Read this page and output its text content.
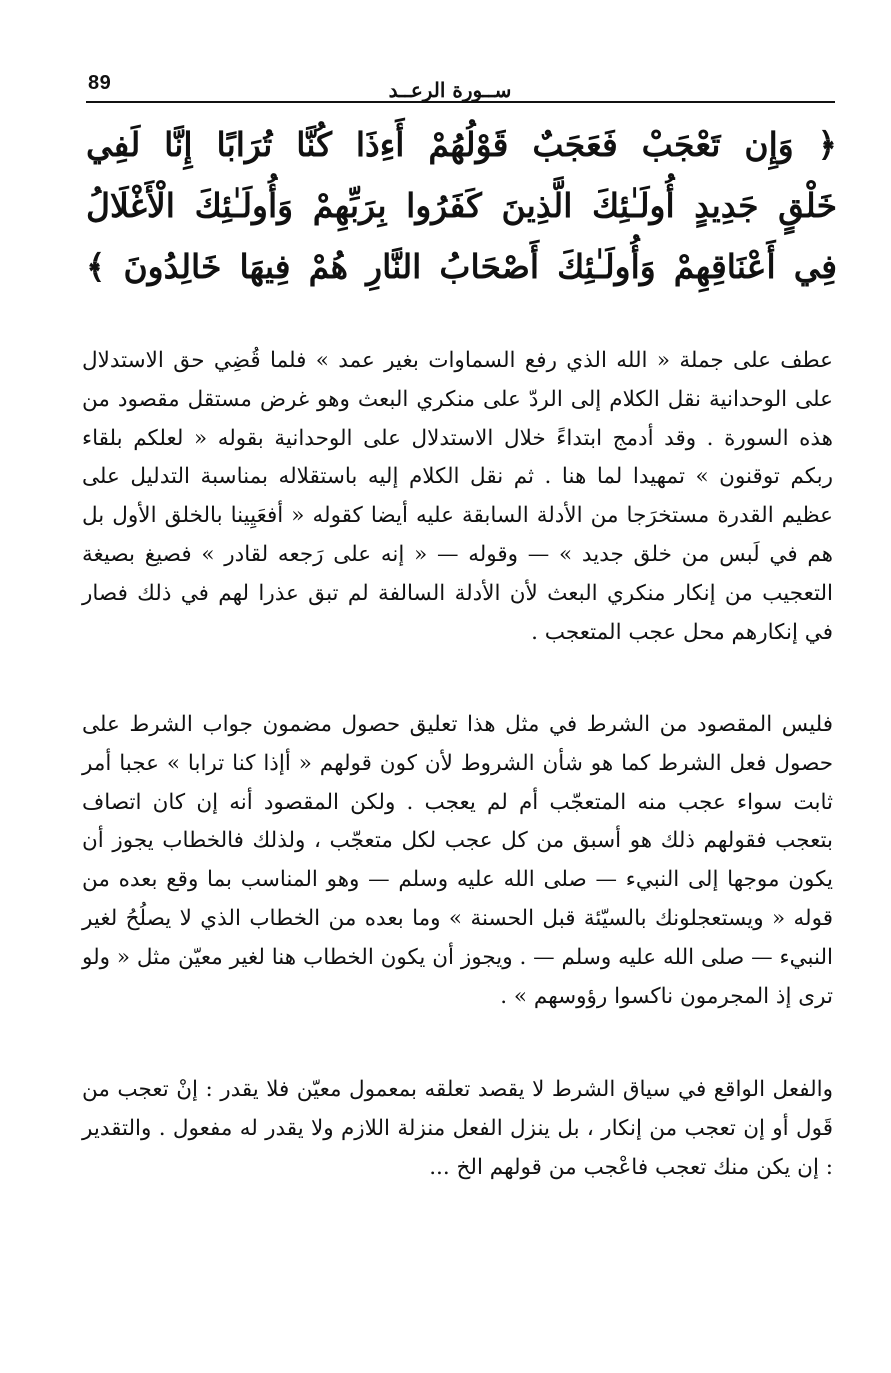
89	ســورة الرعــد
﴿ وَإِن تَعْجَبْ فَعَجَبٌ قَوْلُهُمْ أَءِذَا كُنَّا تُرَابًا إِنَّا لَفِي
خَلْقٍ جَدِيدٍ أُولَـٰئِكَ الَّذِينَ كَفَرُوا بِرَبِّهِمْ وَأُولَـٰئِكَ الْأَغْلَالُ
فِي أَعْنَاقِهِمْ وَأُولَـٰئِكَ أَصْحَابُ النَّارِ هُمْ فِيهَا خَالِدُونَ ﴾

عطف على جملة « الله الذي رفع السماوات بغير عمد » فلما قُضِي حق الاستدلال على الوحدانية نقل الكلام إلى الردّ على منكري البعث وهو غرض مستقل مقصود من هذه السورة . وقد أدمج ابتداءً خلال الاستدلال على الوحدانية بقوله « لعلكم بلقاء ربكم توقنون » تمهيدا لما هنا . ثم نقل الكلام إليه باستقلاله بمناسبة التدليل على عظيم القدرة مستخرَجا من الأدلة السابقة عليه أيضا كقوله « أفعَيِينا بالخلق الأول بل هم في لَبس من خلق جديد » — وقوله — « إنه على رَجعه لقادر » فصيغ بصيغة التعجيب من إنكار منكري البعث لأن الأدلة السالفة لم تبق عذرا لهم في ذلك فصار في إنكارهم محل عجب المتعجب .

فليس المقصود من الشرط في مثل هذا تعليق حصول مضمون جواب الشرط على حصول فعل الشرط كما هو شأن الشروط لأن كون قولهم « أإذا كنا ترابا » عجبا أمر ثابت سواء عجب منه المتعجّب أم لم يعجب . ولكن المقصود أنه إن كان اتصاف بتعجب فقولهم ذلك هو أسبق من كل عجب لكل متعجّب ، ولذلك فالخطاب يجوز أن يكون موجها إلى النبيء — صلى الله عليه وسلم — وهو المناسب بما وقع بعده من قوله « ويستعجلونك بالسيّئة قبل الحسنة » وما بعده من الخطاب الذي لا يصلُحُ لغير النبيء — صلى الله عليه وسلم — . ويجوز أن يكون الخطاب هنا لغير معيّن مثل « ولو ترى إذ المجرمون ناكسوا رؤوسهم » .

والفعل الواقع في سياق الشرط لا يقصد تعلقه بمعمول معيّن فلا يقدر : إنْ تعجب من قَول أو إن تعجب من إنكار ، بل ينزل الفعل منزلة اللازم ولا يقدر له مفعول . والتقدير : إن يكن منك تعجب فاعْجب من قولهم الخ ...
